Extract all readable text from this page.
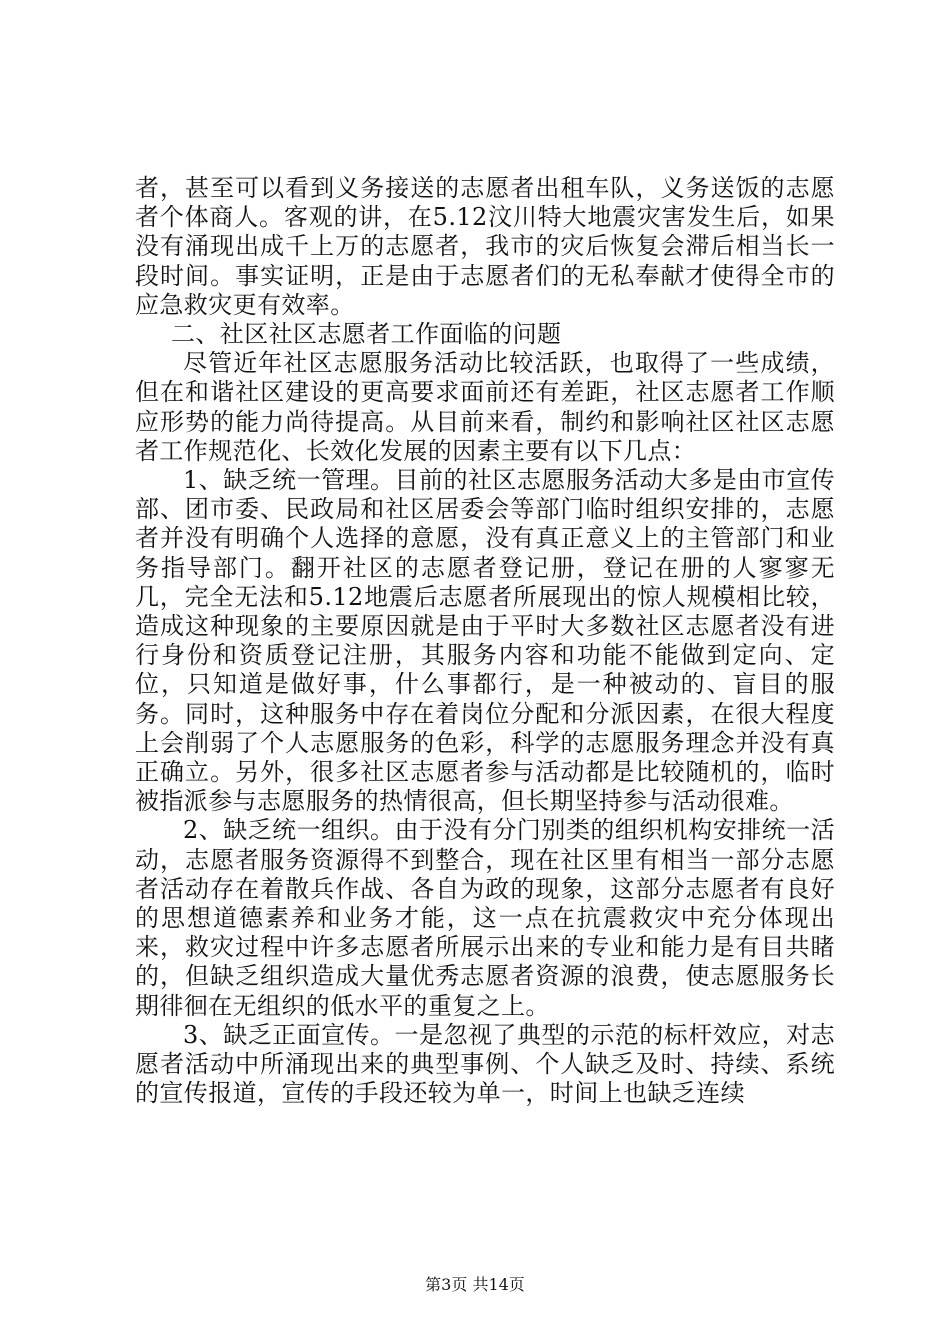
者，甚至可以看到义务接送的志愿者出租车队，义务送饭的志愿者个体商人。客观的讲，在5.12汶川特大地震灾害发生后，如果没有涌现出成千上万的志愿者，我市的灾后恢复会滞后相当长一段时间。事实证明，正是由于志愿者们的无私奉献才使得全市的应急救灾更有效率。

二、社区社区志愿者工作面临的问题

尽管近年社区志愿服务活动比较活跃，也取得了一些成绩，但在和谐社区建设的更高要求面前还有差距，社区志愿者工作顺应形势的能力尚待提高。从目前来看，制约和影响社区社区志愿者工作规范化、长效化发展的因素主要有以下几点：

1、缺乏统一管理。目前的社区志愿服务活动大多是由市宣传部、团市委、民政局和社区居委会等部门临时组织安排的，志愿者并没有明确个人选择的意愿，没有真正意义上的主管部门和业务指导部门。翻开社区的志愿者登记册，登记在册的人寥寥无几，完全无法和5.12地震后志愿者所展现出的惊人规模相比较，造成这种现象的主要原因就是由于平时大多数社区志愿者没有进行身份和资质登记注册，其服务内容和功能不能做到定向、定位，只知道是做好事，什么事都行，是一种被动的、盲目的服务。同时，这种服务中存在着岗位分配和分派因素，在很大程度上会削弱了个人志愿服务的色彩，科学的志愿服务理念并没有真正确立。另外，很多社区志愿者参与活动都是比较随机的，临时被指派参与志愿服务的热情很高，但长期坚持参与活动很难。

2、缺乏统一组织。由于没有分门别类的组织机构安排统一活动，志愿者服务资源得不到整合，现在社区里有相当一部分志愿者活动存在着散兵作战、各自为政的现象，这部分志愿者有良好的思想道德素养和业务才能，这一点在抗震救灾中充分体现出来，救灾过程中许多志愿者所展示出来的专业和能力是有目共睹的，但缺乏组织造成大量优秀志愿者资源的浪费，使志愿服务长期徘徊在无组织的低水平的重复之上。

3、缺乏正面宣传。一是忽视了典型的示范的标杆效应，对志愿者活动中所涌现出来的典型事例、个人缺乏及时、持续、系统的宣传报道，宣传的手段还较为单一，时间上也缺乏连续

第3页 共14页
